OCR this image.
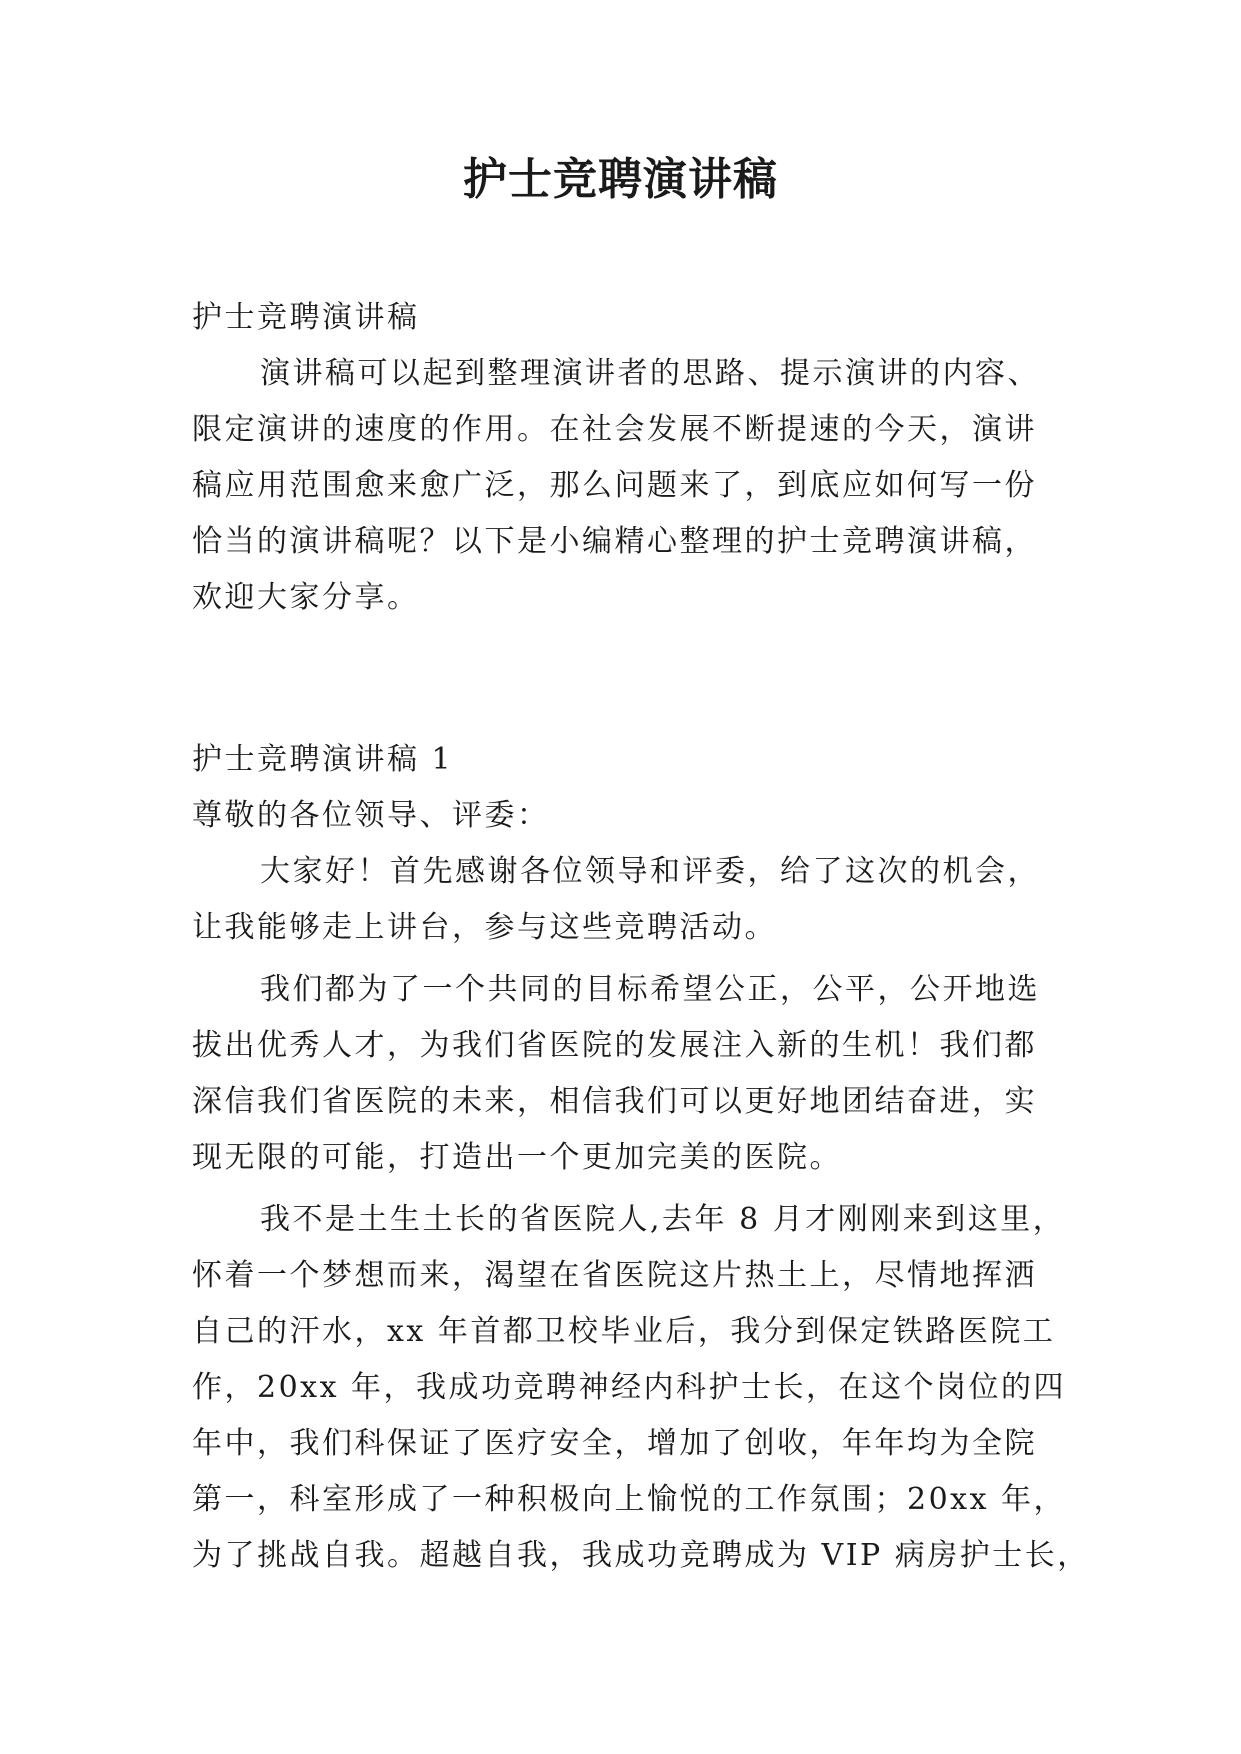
护士竞聘演讲稿
护士竞聘演讲稿
演讲稿可以起到整理演讲者的思路、提示演讲的内容、
限定演讲的速度的作用。在社会发展不断提速的今天，演讲
稿应用范围愈来愈广泛，那么问题来了，到底应如何写一份
恰当的演讲稿呢？以下是小编精心整理的护士竞聘演讲稿，
欢迎大家分享。
护士竞聘演讲稿 1
尊敬的各位领导、评委：
大家好！首先感谢各位领导和评委，给了这次的机会，
让我能够走上讲台，参与这些竞聘活动。
我们都为了一个共同的目标希望公正，公平，公开地选
拔出优秀人才，为我们省医院的发展注入新的生机！我们都
深信我们省医院的未来，相信我们可以更好地团结奋进，实
现无限的可能，打造出一个更加完美的医院。
我不是土生土长的省医院人,去年 8 月才刚刚来到这里，
怀着一个梦想而来，渴望在省医院这片热土上，尽情地挥洒
自己的汗水，xx 年首都卫校毕业后，我分到保定铁路医院工
作，20xx 年，我成功竞聘神经内科护士长，在这个岗位的四
年中，我们科保证了医疗安全，增加了创收，年年均为全院
第一，科室形成了一种积极向上愉悦的工作氛围；20xx 年，
为了挑战自我。超越自我，我成功竞聘成为 VIP 病房护士长，
